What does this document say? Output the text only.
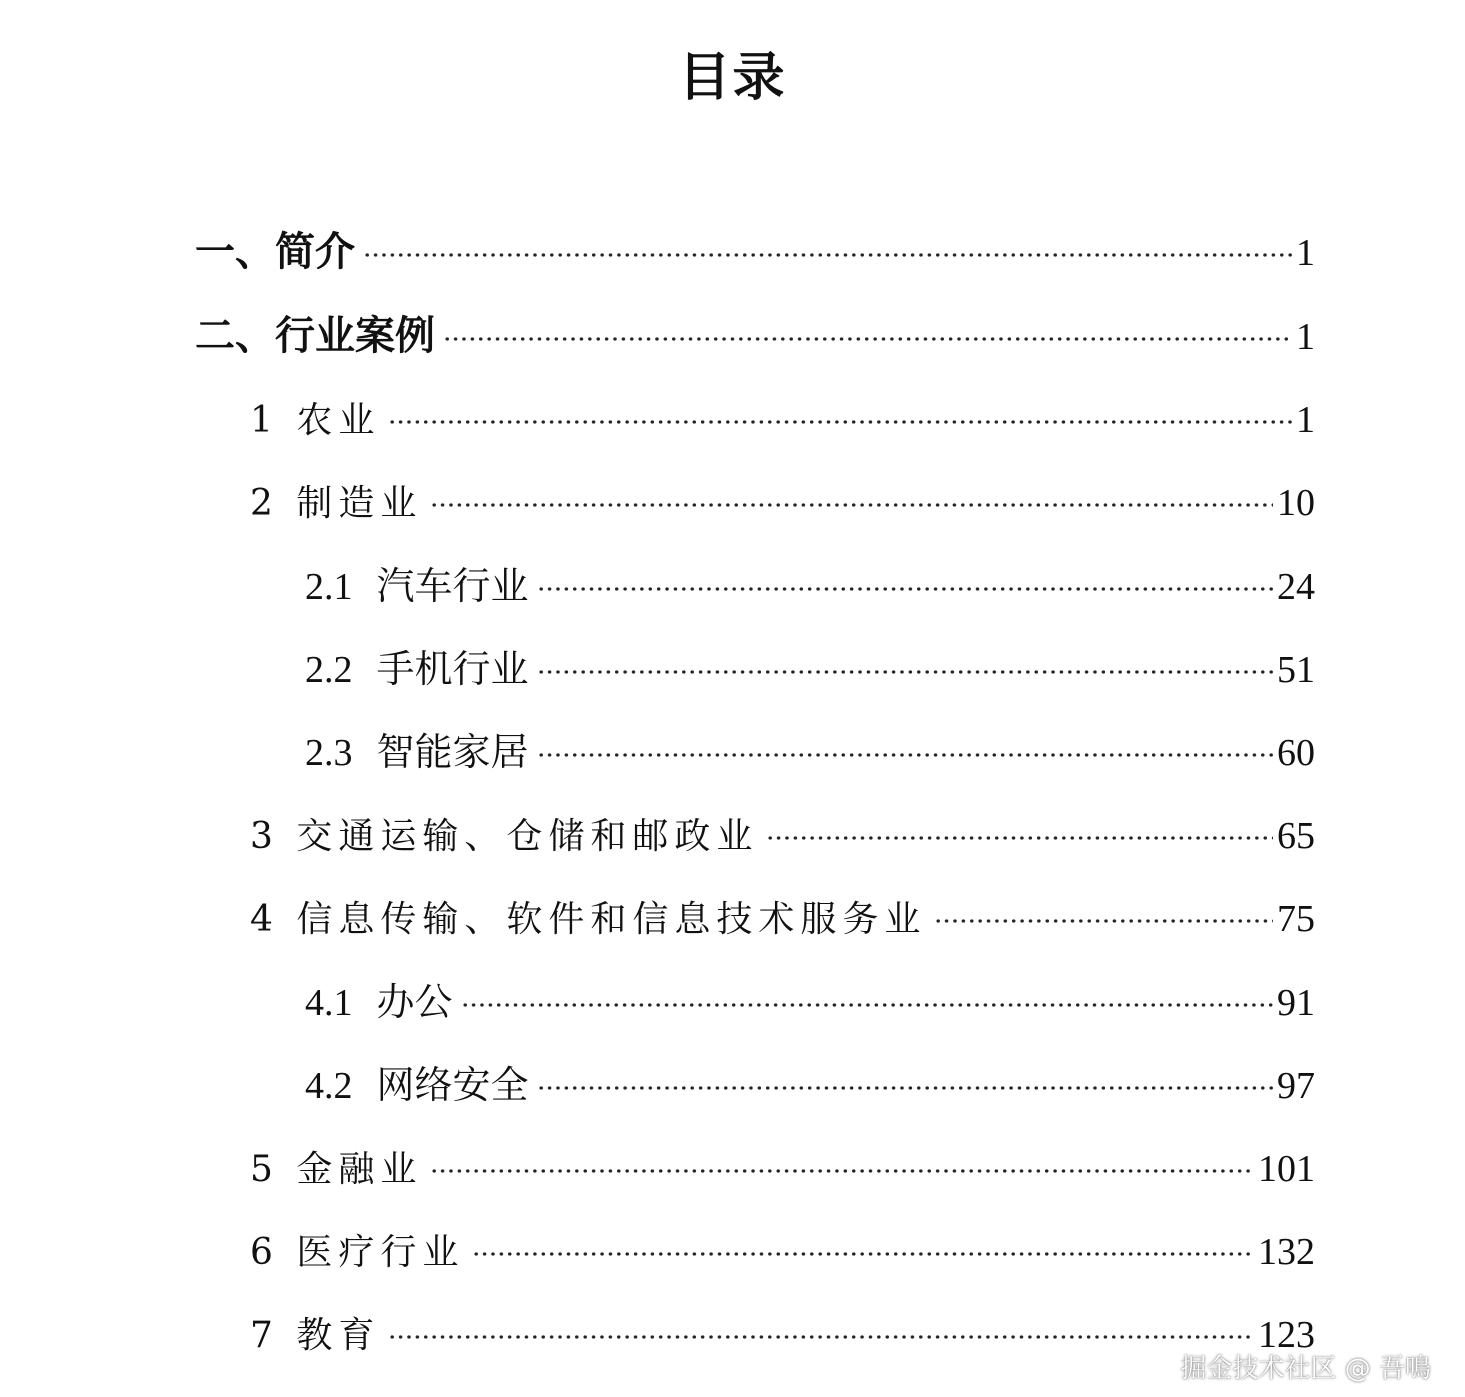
目录
一、简介	1
二、行业案例	1
1 农业	1
2 制造业	10
2.1 汽车行业	24
2.2 手机行业	51
2.3 智能家居	60
3 交通运输、仓储和邮政业	65
4 信息传输、软件和信息技术服务业	75
4.1 办公	91
4.2 网络安全	97
5 金融业	101
6 医疗行业	132
7 教育	123
掘金技术社区 @ 吾鳴
